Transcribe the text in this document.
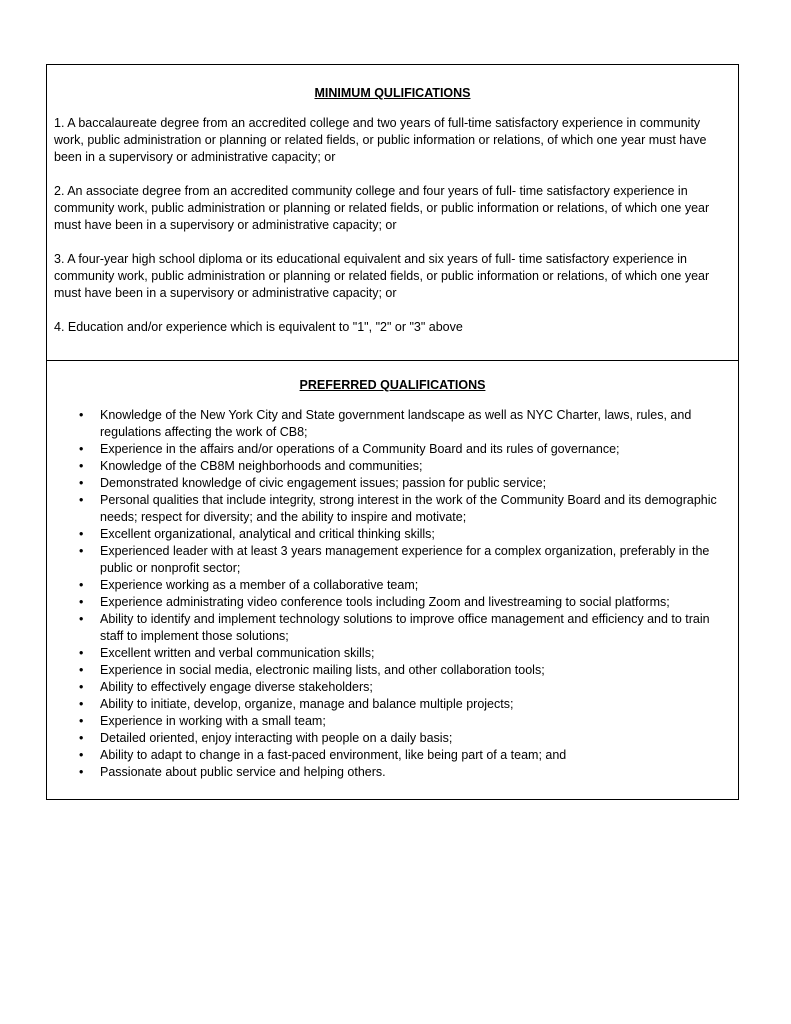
MINIMUM QULIFICATIONS

1. A baccalaureate degree from an accredited college and two years of full-time satisfactory experience in community work, public administration or planning or related fields, or public information or relations, of which one year must have been in a supervisory or administrative capacity; or

2. An associate degree from an accredited community college and four years of full- time satisfactory experience in community work, public administration or planning or related fields, or public information or relations, of which one year must have been in a supervisory or administrative capacity; or

3. A four-year high school diploma or its educational equivalent and six years of full- time satisfactory experience in community work, public administration or planning or related fields, or public information or relations, of which one year must have been in a supervisory or administrative capacity; or

4. Education and/or experience which is equivalent to "1", "2" or "3" above

PREFERRED QUALIFICATIONS
• Knowledge of the New York City and State government landscape as well as NYC Charter, laws, rules, and regulations affecting the work of CB8;
• Experience in the affairs and/or operations of a Community Board and its rules of governance;
• Knowledge of the CB8M neighborhoods and communities;
• Demonstrated knowledge of civic engagement issues; passion for public service;
• Personal qualities that include integrity, strong interest in the work of the Community Board and its demographic needs; respect for diversity; and the ability to inspire and motivate;
• Excellent organizational, analytical and critical thinking skills;
• Experienced leader with at least 3 years management experience for a complex organization, preferably in the public or nonprofit sector;
• Experience working as a member of a collaborative team;
• Experience administrating video conference tools including Zoom and livestreaming to social platforms;
• Ability to identify and implement technology solutions to improve office management and efficiency and to train staff to implement those solutions;
• Excellent written and verbal communication skills;
• Experience in social media, electronic mailing lists, and other collaboration tools;
• Ability to effectively engage diverse stakeholders;
• Ability to initiate, develop, organize, manage and balance multiple projects;
• Experience in working with a small team;
• Detailed oriented, enjoy interacting with people on a daily basis;
• Ability to adapt to change in a fast-paced environment, like being part of a team; and
• Passionate about public service and helping others.
